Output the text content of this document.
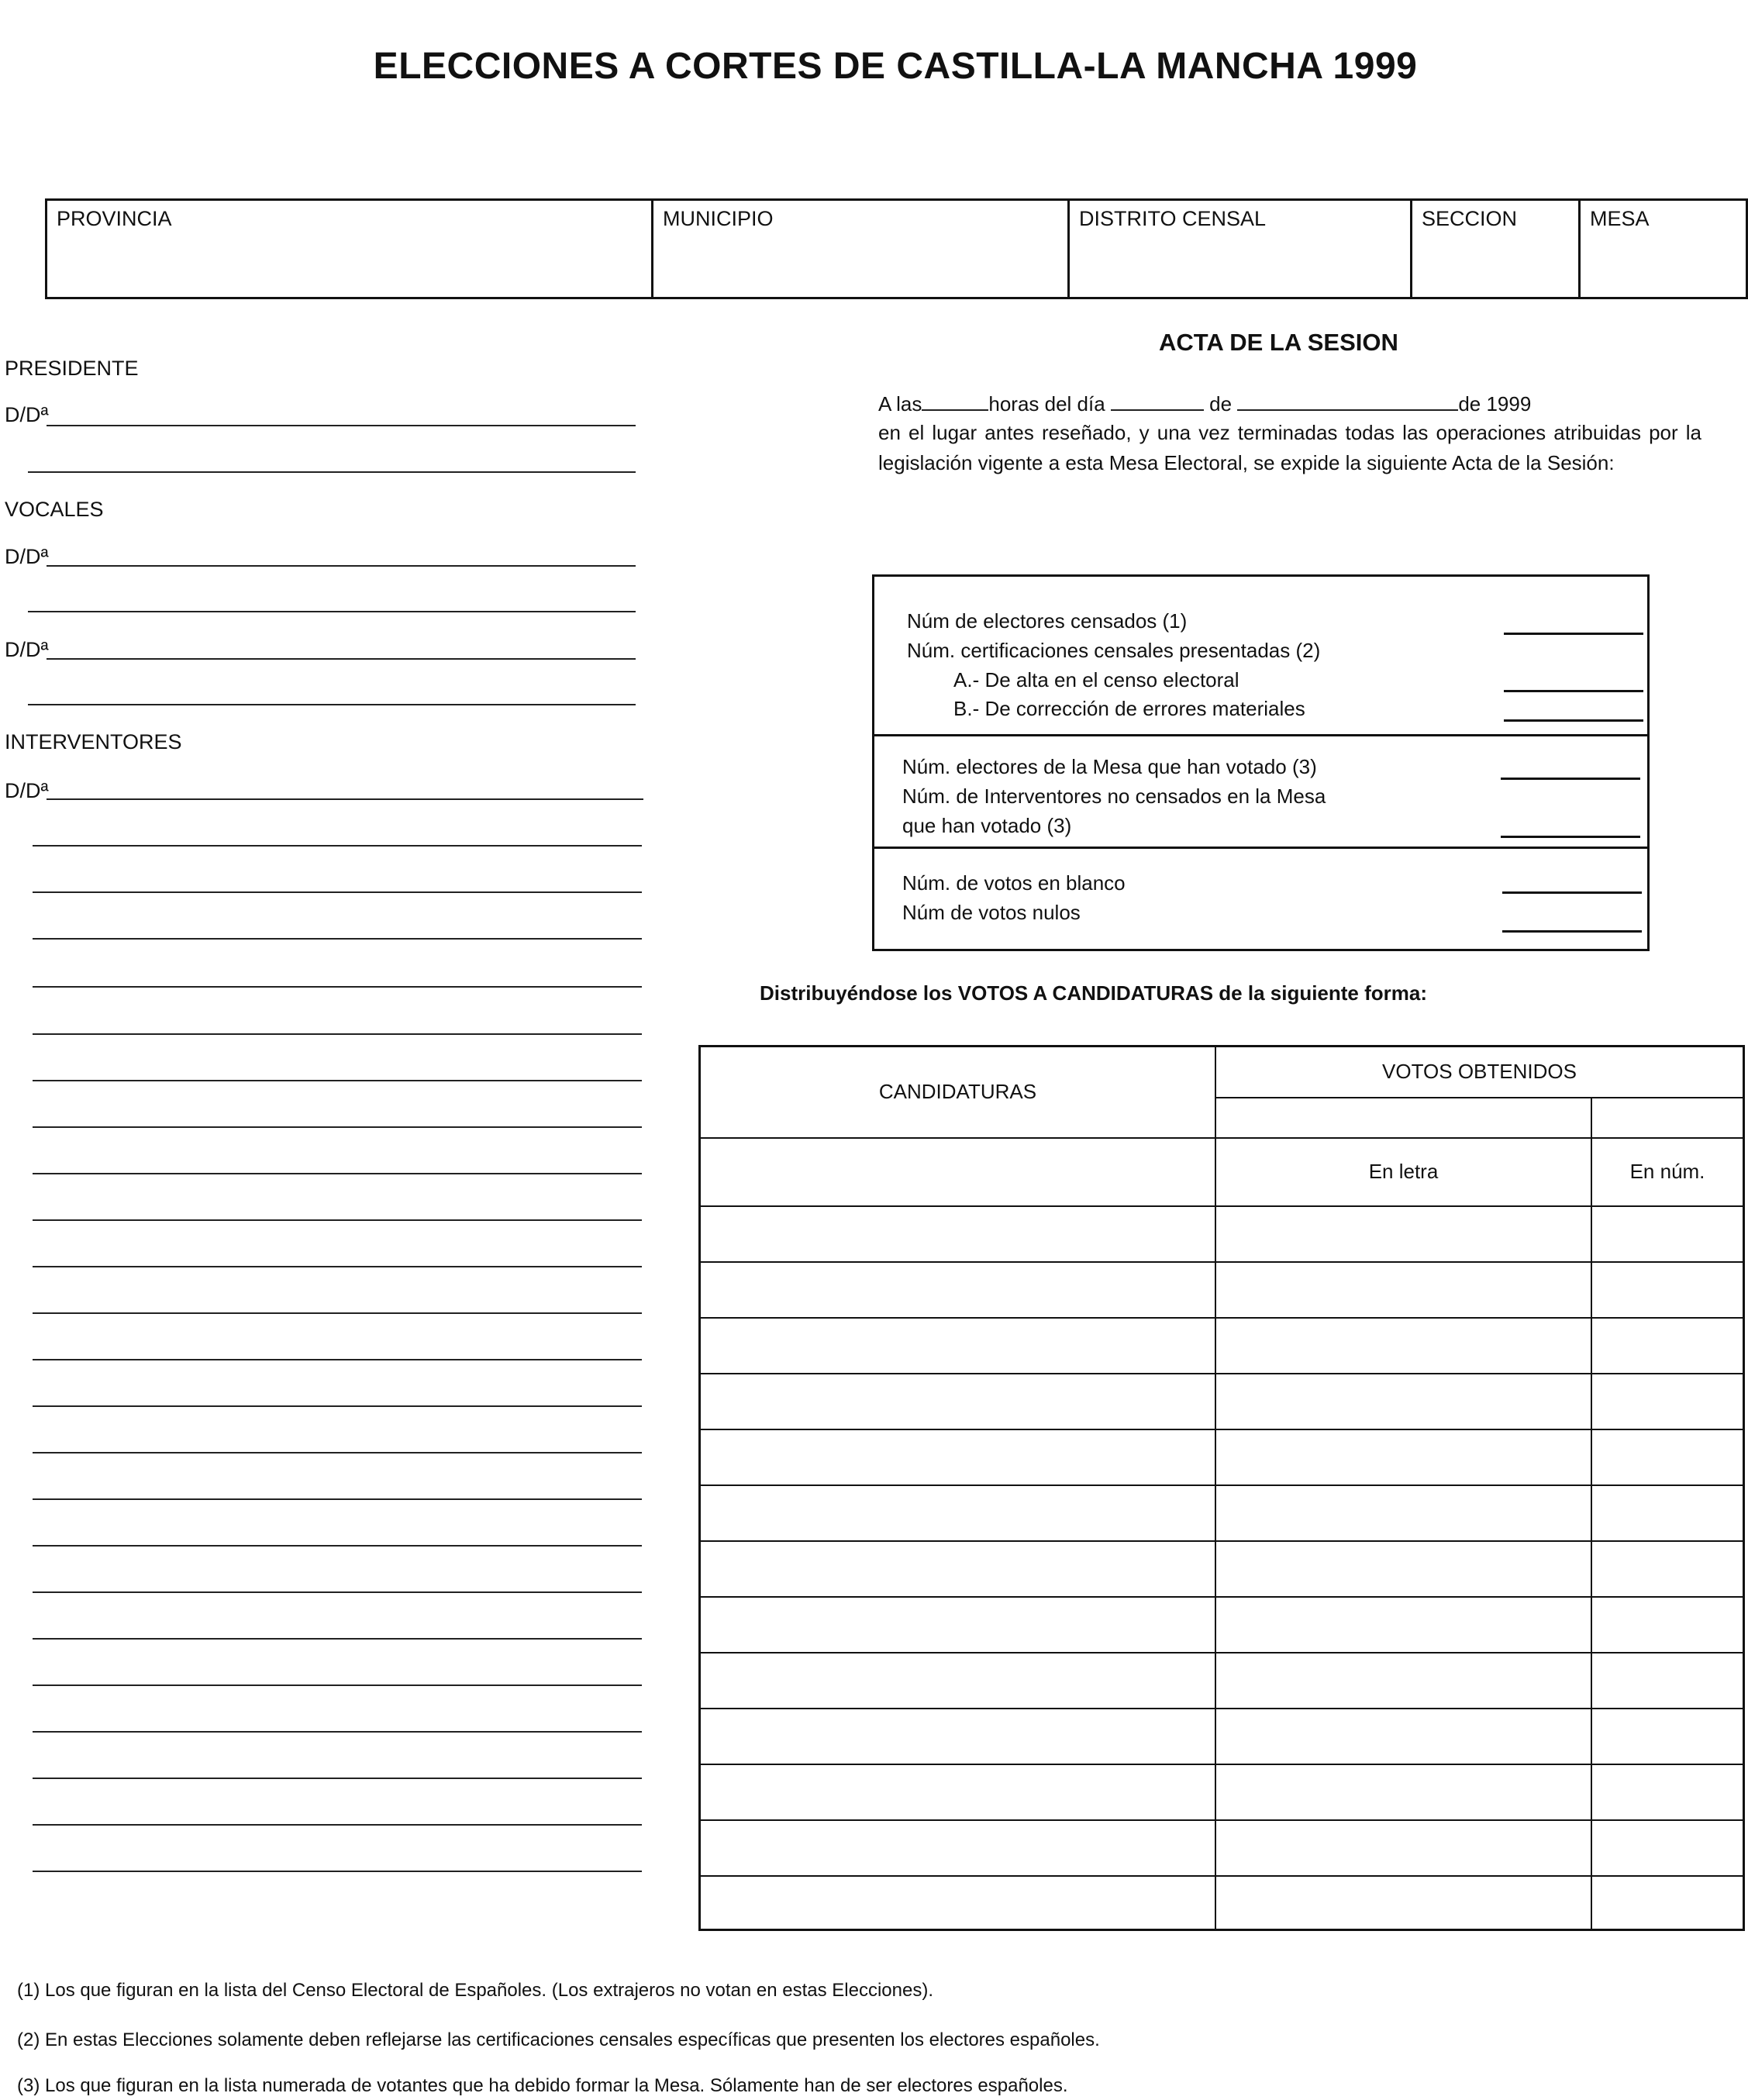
ELECCIONES A CORTES DE CASTILLA-LA MANCHA 1999
PROVINCIA	MUNICIPIO	DISTRITO CENSAL	SECCION	MESA
PRESIDENTE
D/Dª
VOCALES
D/Dª
D/Dª
INTERVENTORES
D/Dª
ACTA DE LA SESION
A las	horas del día	de	de 1999
en el lugar antes reseñado, y una vez terminadas todas las operaciones atribuidas por la legislación vigente a esta Mesa Electoral, se expide la siguiente Acta de la Sesión:
Núm de electores censados (1)
Núm. certificaciones censales presentadas (2)
A.- De alta en el censo electoral
B.- De corrección de errores materiales
Núm. electores de la Mesa que han votado (3)
Núm. de Interventores no censados en la Mesa
que han votado (3)
Núm. de votos en blanco
Núm de votos nulos
Distribuyéndose los VOTOS A CANDIDATURAS de la siguiente forma:
CANDIDATURAS	VOTOS OBTENIDOS	

	En letra	En núm.

(1) Los que figuran en la lista del Censo Electoral de Españoles. (Los extrajeros no votan en estas Elecciones).
(2) En estas Elecciones solamente deben reflejarse las certificaciones censales específicas que presenten los electores españoles.
(3) Los que figuran en la lista numerada de votantes que ha debido formar la Mesa. Sólamente han de ser electores españoles.
